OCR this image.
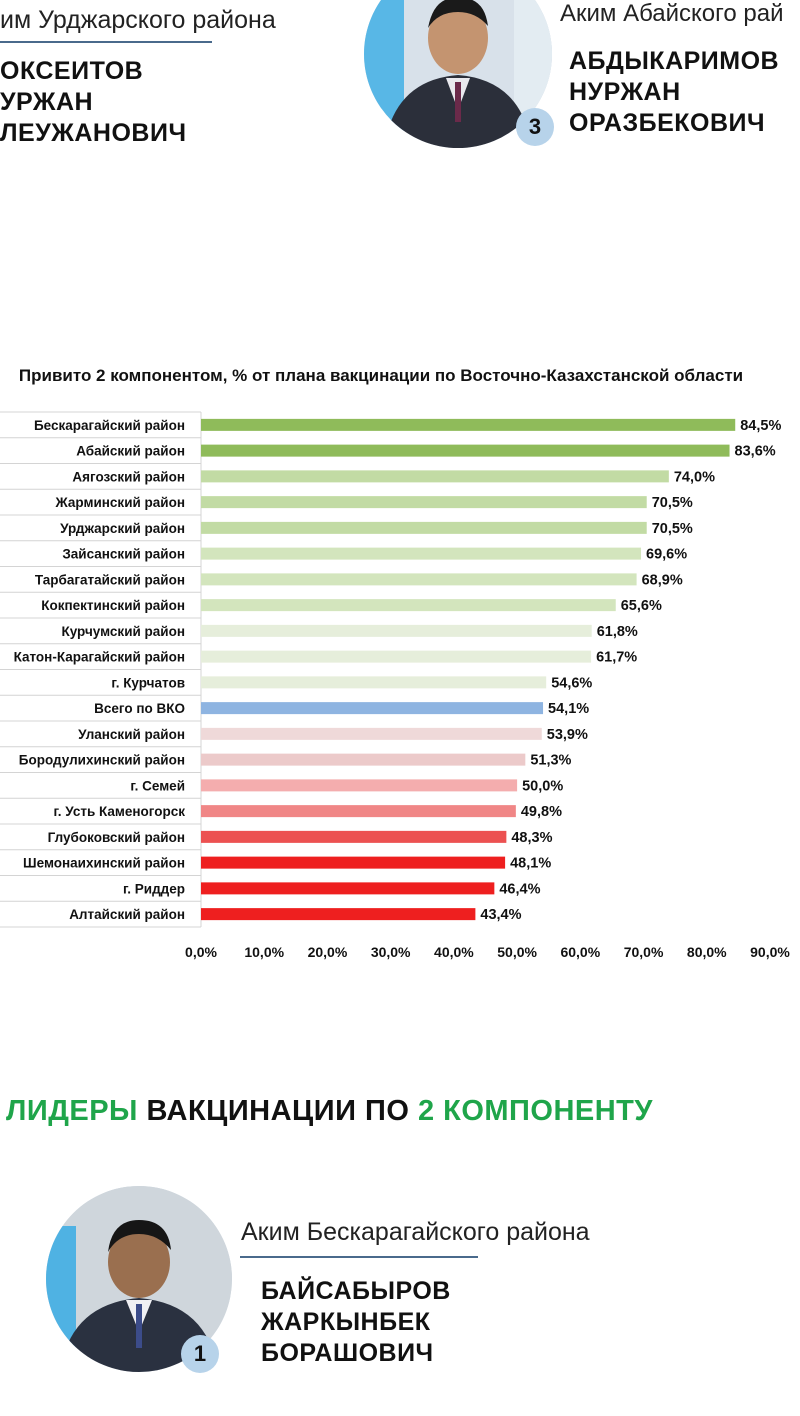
им Урджарского района
ОКСЕИТОВ
УРЖАН
ЛЕУЖАНОВИЧ	3
Аким Абайского рай
АБДЫКАРИМОВ
НУРЖАН
ОРАЗБЕКОВИЧ
Привито 2 компонентом, % от плана вакцинации по Восточно-Казахстанской области
Бескарагайский район	84,5%
Абайский район	83,6%
Аягозский район	74,0%
Жарминский район	70,5%
Урджарский район	70,5%
Зайсанский район	69,6%
Тарбагатайский район	68,9%
Кокпектинский район	65,6%
Курчумский район	61,8%
Катон-Карагайский район	61,7%
г. Курчатов	54,6%
Всего по ВКО	54,1%
Уланский район	53,9%
Бородулихинский район	51,3%
г. Семей	50,0%
г. Усть Каменогорск	49,8%
Глубоковский район	48,3%
Шемонаихинский район	48,1%
г. Риддер	46,4%
Алтайский район	43,4%
0,0% 10,0% 20,0% 30,0% 40,0% 50,0% 60,0% 70,0% 80,0% 90,0%
ЛИДЕРЫ ВАКЦИНАЦИИ ПО 2 КОМПОНЕНТУ
1
Аким Бескарагайского района
БАЙСАБЫРОВ
ЖАРКЫНБЕК
БОРАШОВИЧ
